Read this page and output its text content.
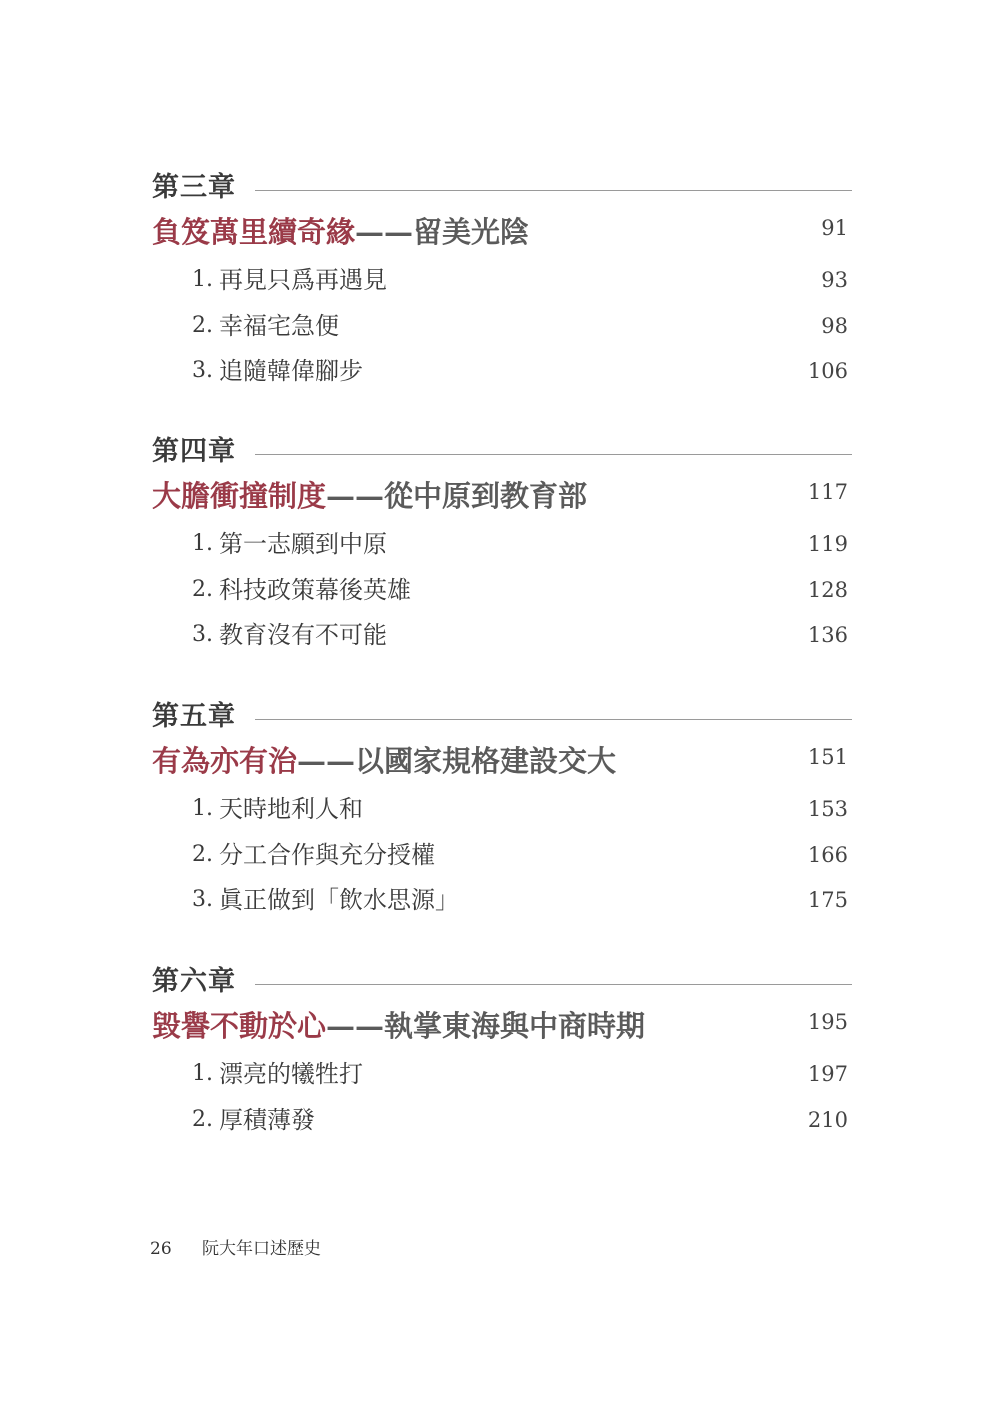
第三章
負笈萬里續奇緣——留美光陰	91
1. 再見只爲再遇見	93
2. 幸福宅急便	98
3. 追隨韓偉腳步	106
第四章
大膽衝撞制度——從中原到教育部	117
1. 第一志願到中原	119
2. 科技政策幕後英雄	128
3. 教育沒有不可能	136
第五章
有為亦有治——以國家規格建設交大	151
1. 天時地利人和	153
2. 分工合作與充分授權	166
3. 眞正做到「飲水思源」	175
第六章
毀譽不動於心——執掌東海與中商時期	195
1. 漂亮的犧牲打	197
2. 厚積薄發	210
26 阮大年口述歷史
